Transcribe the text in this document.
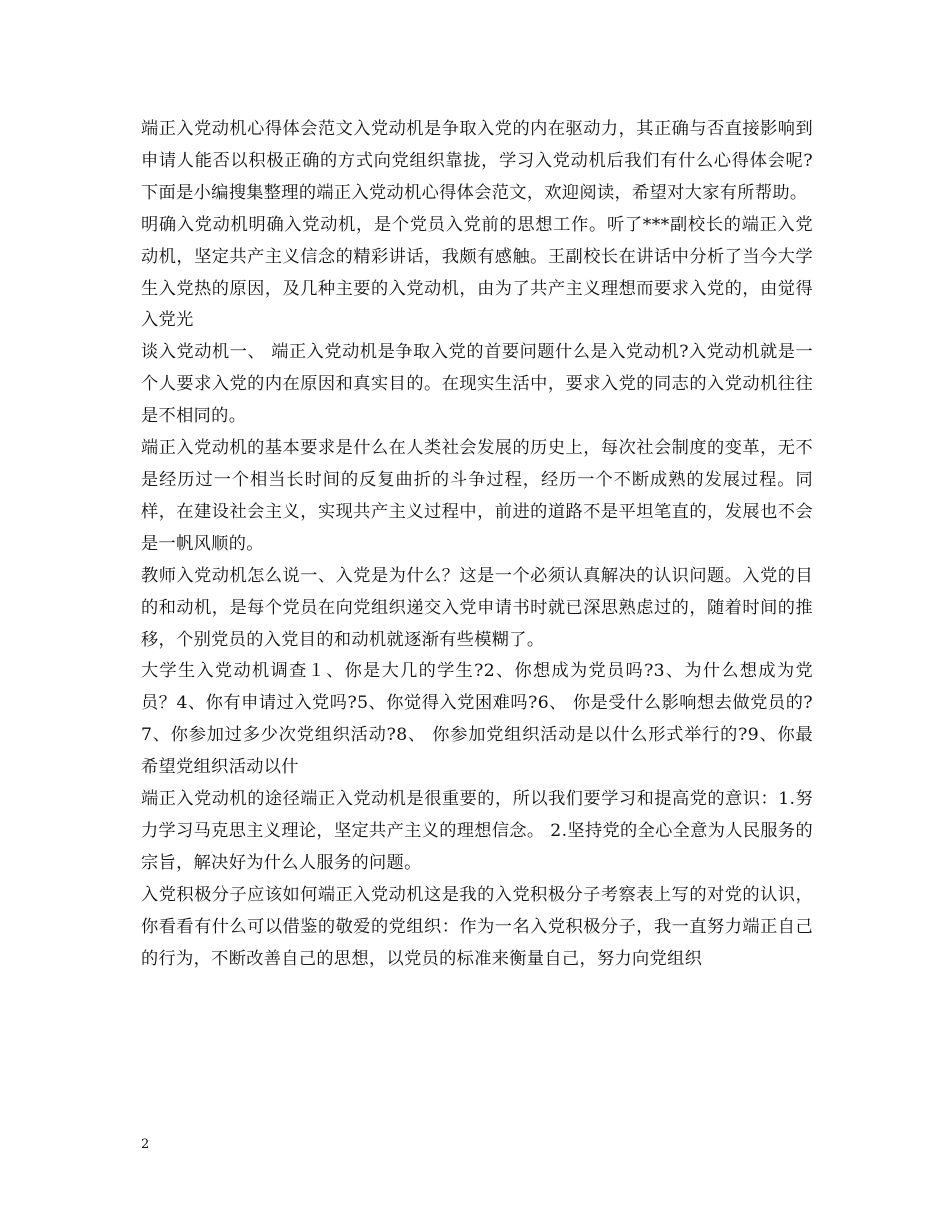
端正入党动机心得体会范文入党动机是争取入党的内在驱动力，其正确与否直接影响到申请人能否以积极正确的方式向党组织靠拢，学习入党动机后我们有什么心得体会呢?下面是小编搜集整理的端正入党动机心得体会范文，欢迎阅读，希望对大家有所帮助。

明确入党动机明确入党动机，是个党员入党前的思想工作。听了***副校长的端正入党动机，坚定共产主义信念的精彩讲话，我颇有感触。王副校长在讲话中分析了当今大学生入党热的原因，及几种主要的入党动机，由为了共产主义理想而要求入党的，由觉得入党光

谈入党动机一、 端正入党动机是争取入党的首要问题什么是入党动机?入党动机就是一个人要求入党的内在原因和真实目的。在现实生活中，要求入党的同志的入党动机往往是不相同的。

端正入党动机的基本要求是什么在人类社会发展的历史上，每次社会制度的变革，无不是经历过一个相当长时间的反复曲折的斗争过程，经历一个不断成熟的发展过程。同样，在建设社会主义，实现共产主义过程中，前进的道路不是平坦笔直的，发展也不会是一帆风顺的。

教师入党动机怎么说一、入党是为什么？这是一个必须认真解决的认识问题。入党的目的和动机，是每个党员在向党组织递交入党申请书时就已深思熟虑过的，随着时间的推移，个别党员的入党目的和动机就逐渐有些模糊了。

大学生入党动机调查１、你是大几的学生?2、你想成为党员吗?3、为什么想成为党员？4、你有申请过入党吗?5、你觉得入党困难吗?6、 你是受什么影响想去做党员的?7、你参加过多少次党组织活动?8、 你参加党组织活动是以什么形式举行的?9、你最希望党组织活动以什

端正入党动机的途径端正入党动机是很重要的，所以我们要学习和提高党的意识：1.努力学习马克思主义理论，坚定共产主义的理想信念。 2.坚持党的全心全意为人民服务的宗旨，解决好为什么人服务的问题。

入党积极分子应该如何端正入党动机这是我的入党积极分子考察表上写的对党的认识，你看看有什么可以借鉴的敬爱的党组织：作为一名入党积极分子，我一直努力端正自己的行为，不断改善自己的思想，以党员的标准来衡量自己，努力向党组织

2
